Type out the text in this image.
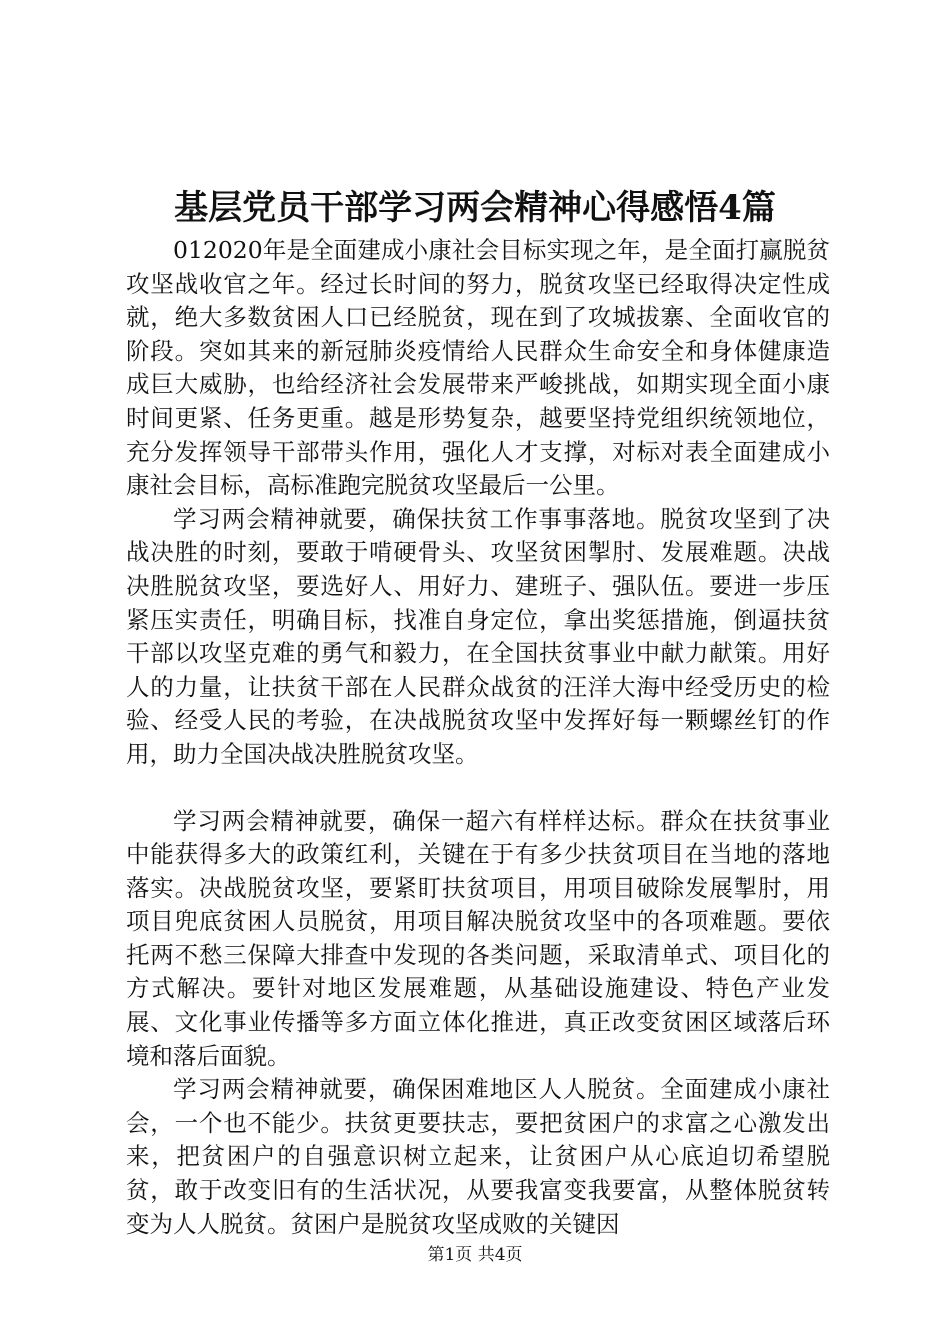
基层党员干部学习两会精神心得感悟4篇

012020年是全面建成小康社会目标实现之年，是全面打赢脱贫攻坚战收官之年。经过长时间的努力，脱贫攻坚已经取得决定性成就，绝大多数贫困人口已经脱贫，现在到了攻城拔寨、全面收官的阶段。突如其来的新冠肺炎疫情给人民群众生命安全和身体健康造成巨大威胁，也给经济社会发展带来严峻挑战，如期实现全面小康时间更紧、任务更重。越是形势复杂，越要坚持党组织统领地位，充分发挥领导干部带头作用，强化人才支撑，对标对表全面建成小康社会目标，高标准跑完脱贫攻坚最后一公里。

学习两会精神就要，确保扶贫工作事事落地。脱贫攻坚到了决战决胜的时刻，要敢于啃硬骨头、攻坚贫困掣肘、发展难题。决战决胜脱贫攻坚，要选好人、用好力、建班子、强队伍。要进一步压紧压实责任，明确目标，找准自身定位，拿出奖惩措施，倒逼扶贫干部以攻坚克难的勇气和毅力，在全国扶贫事业中献力献策。用好人的力量，让扶贫干部在人民群众战贫的汪洋大海中经受历史的检验、经受人民的考验，在决战脱贫攻坚中发挥好每一颗螺丝钉的作用，助力全国决战决胜脱贫攻坚。

学习两会精神就要，确保一超六有样样达标。群众在扶贫事业中能获得多大的政策红利，关键在于有多少扶贫项目在当地的落地落实。决战脱贫攻坚，要紧盯扶贫项目，用项目破除发展掣肘，用项目兜底贫困人员脱贫，用项目解决脱贫攻坚中的各项难题。要依托两不愁三保障大排查中发现的各类问题，采取清单式、项目化的方式解决。要针对地区发展难题，从基础设施建设、特色产业发展、文化事业传播等多方面立体化推进，真正改变贫困区域落后环境和落后面貌。

学习两会精神就要，确保困难地区人人脱贫。全面建成小康社会，一个也不能少。扶贫更要扶志，要把贫困户的求富之心激发出来，把贫困户的自强意识树立起来，让贫困户从心底迫切希望脱贫，敢于改变旧有的生活状况，从要我富变我要富，从整体脱贫转变为人人脱贫。贫困户是脱贫攻坚成败的关键因

第1页 共4页
